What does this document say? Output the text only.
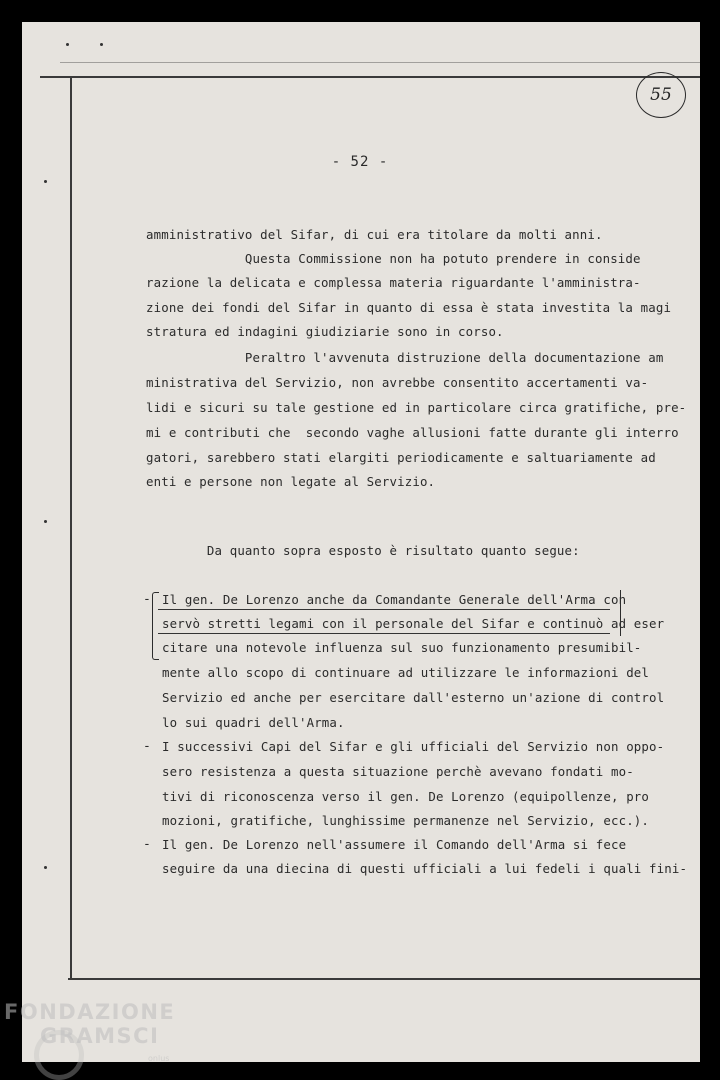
55
- 52 -
amministrativo del Sifar, di cui era titolare da molti anni.
Questa Commissione non ha potuto prendere in conside
razione la delicata e complessa materia riguardante l'amministra-
zione dei fondi del Sifar in quanto di essa è stata investita la magi
stratura ed indagini giudiziarie sono in corso.
Peraltro l'avvenuta distruzione della documentazione am
ministrativa del Servizio, non avrebbe consentito accertamenti va-
lidi e sicuri su tale gestione ed in particolare circa gratifiche, pre-
mi e contributi che  secondo vaghe allusioni fatte durante gli interro
gatori, sarebbero stati elargiti periodicamente e saltuariamente ad
enti e persone non legate al Servizio.
Da quanto sopra esposto è risultato quanto segue:
- Il gen. De Lorenzo anche da Comandante Generale dell'Arma con
servò stretti legami con il personale del Sifar e continuò ad eser
citare una notevole influenza sul suo funzionamento presumibil-
mente allo scopo di continuare ad utilizzare le informazioni del
Servizio ed anche per esercitare dall'esterno un'azione di control
lo sui quadri dell'Arma.
- I successivi Capi del Sifar e gli ufficiali del Servizio non oppo-
sero resistenza a questa situazione perchè avevano fondati mo-
tivi di riconoscenza verso il gen. De Lorenzo (equipollenze, pro
mozioni, gratifiche, lunghissime permanenze nel Servizio, ecc.).
- Il gen. De Lorenzo nell'assumere il Comando dell'Arma si fece
seguire da una diecina di questi ufficiali a lui fedeli i quali fini-
FONDAZIONE
GRAMSCI
onlus
